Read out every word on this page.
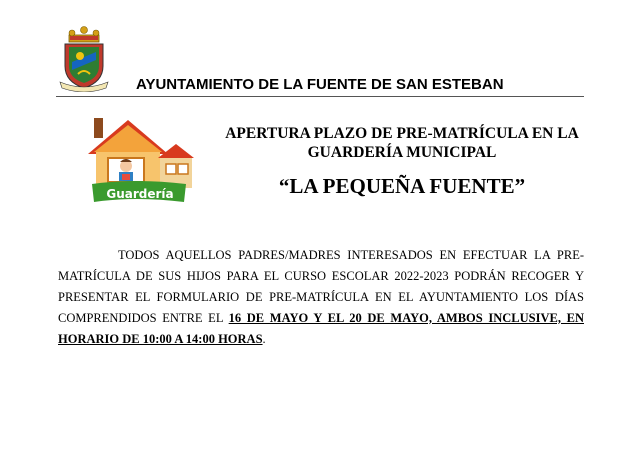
AYUNTAMIENTO DE LA FUENTE DE SAN ESTEBAN
Guardería
APERTURA PLAZO DE PRE-MATRÍCULA EN LA GUARDERÍA MUNICIPAL
“LA PEQUEÑA FUENTE”

TODOS AQUELLOS PADRES/MADRES INTERESADOS EN EFECTUAR LA PRE-MATRÍCULA DE SUS HIJOS PARA EL CURSO ESCOLAR 2022-2023 PODRÁN RECOGER Y PRESENTAR EL FORMULARIO DE PRE-MATRÍCULA EN EL AYUNTAMIENTO LOS DÍAS COMPRENDIDOS ENTRE EL 16 DE MAYO Y EL 20 DE MAYO, AMBOS INCLUSIVE, EN HORARIO DE 10:00 A 14:00 HORAS.
